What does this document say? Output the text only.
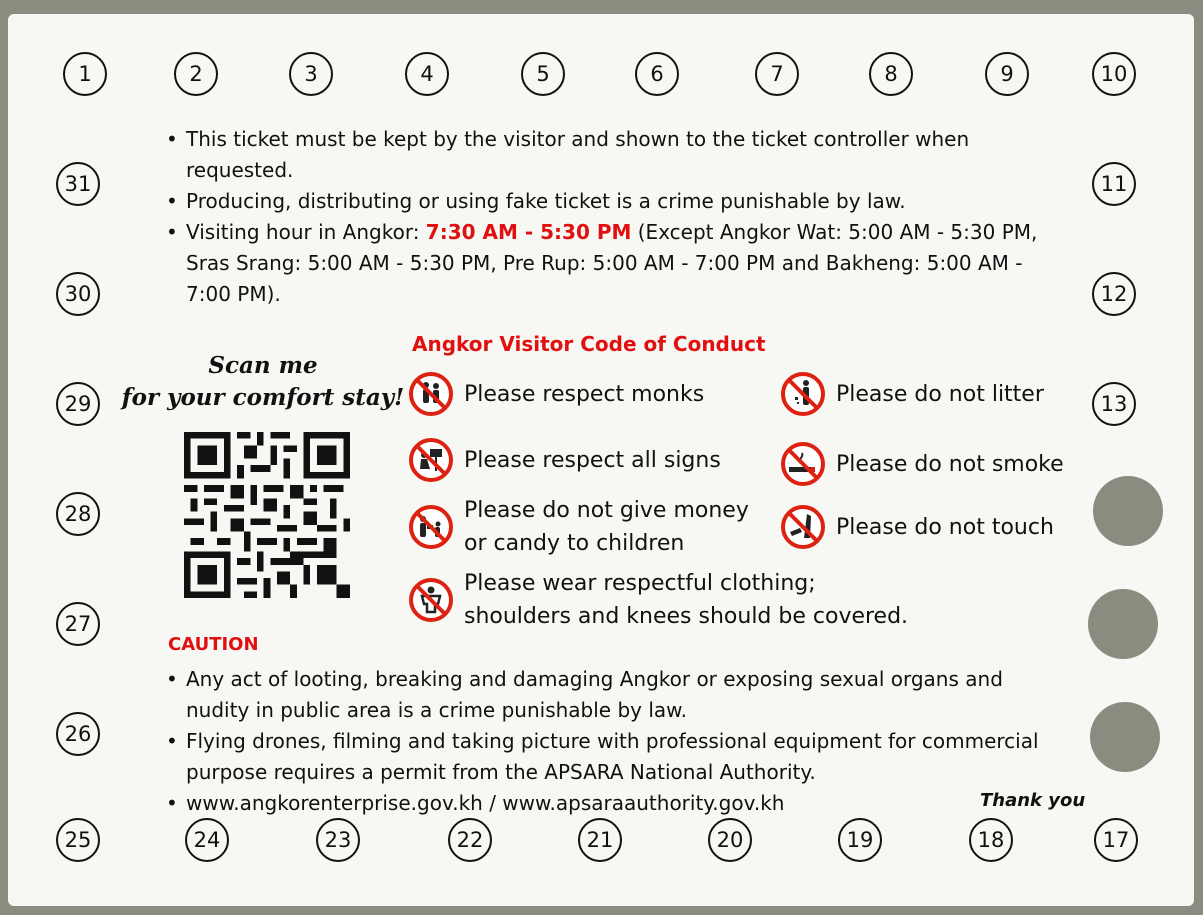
1	2	3	4	5	6	7	8	9	10
11
12
13
31
30
29
28
27
26
25	24	23	22	21	20	19	18	17
• This ticket must be kept by the visitor and shown to the ticket controller when requested.
• Producing, distributing or using fake ticket is a crime punishable by law.
• Visiting hour in Angkor: 7:30 AM - 5:30 PM (Except Angkor Wat: 5:00 AM - 5:30 PM, Sras Srang: 5:00 AM - 5:30 PM, Pre Rup: 5:00 AM - 7:00 PM and Bakheng: 5:00 AM - 7:00 PM).
Scan me
for your comfort stay!
Angkor Visitor Code of Conduct
Please respect monks
Please respect all signs
Please do not give money
or candy to children
Please wear respectful clothing;
shoulders and knees should be covered.
Please do not litter
Please do not smoke
Please do not touch
CAUTION
• Any act of looting, breaking and damaging Angkor or exposing sexual organs and nudity in public area is a crime punishable by law.
• Flying drones, filming and taking picture with professional equipment for commercial purpose requires a permit from the APSARA National Authority.
• www.angkorenterprise.gov.kh / www.apsaraauthority.gov.kh	Thank you
